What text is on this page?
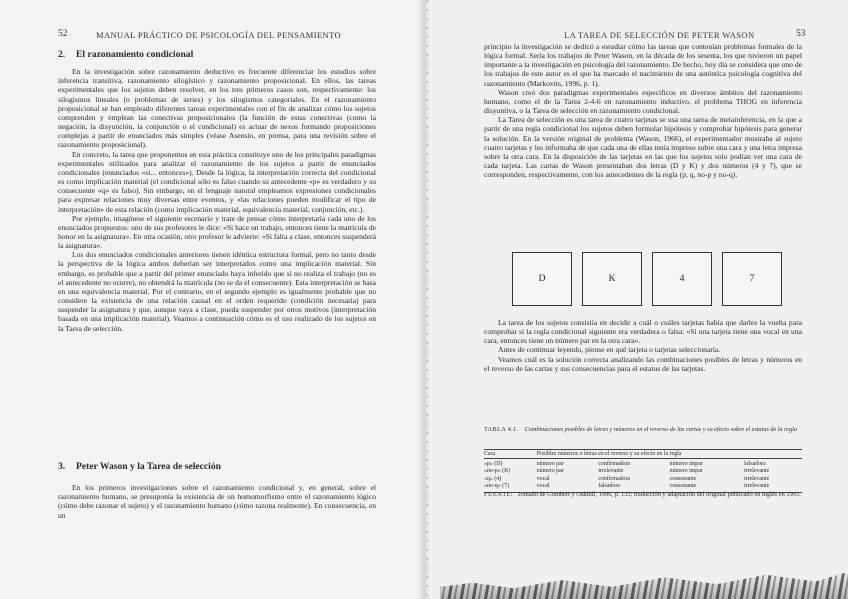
52	MANUAL PRÁCTICO DE PSICOLOGÍA DEL PENSAMIENTO
2. El razonamiento condicional

En la investigación sobre razonamiento deductivo es frecuente diferenciar los estudios sobre inferencia transitiva, razonamiento silogístico y razonamiento proposicional. En ellos, las tareas experimentales que los sujetos deben resolver, en los tres primeros casos son, respectivamente: los silogismos lineales (o problemas de series) y los silogismos categoriales. En el razonamiento proposicional se han empleado diferentes tareas experimentales con el fin de analizar cómo los sujetos comprenden y emplean las conectivas proposicionales (la función de estas conectivas (como la negación, la disyunción, la conjunción o el condicional) es actuar de nexos formando proposiciones complejas a partir de enunciados más simples (véase Asensio, en prensa, para una revisión sobre el razonamiento proposicional).

En concreto, la tarea que proponemos en esta práctica constituye uno de los principales paradigmas experimentales utilizados para analizar el razonamiento de los sujetos a partir de enunciados condicionales (enunciados «si... entonces»). Desde la lógica, la interpretación correcta del condicional es como implicación material (el condicional sólo es falso cuando su antecedente «p» es verdadero y su consecuente «q» es falso). Sin embargo, en el lenguaje natural empleamos expresiones condicionales para expresar relaciones muy diversas entre eventos, y «las relaciones pueden modificar el tipo de interpretación» de esta relación (como implicación material, equivalencia material, conjunción, etc.).

Por ejemplo, imagínese el siguiente escenario y trate de pensar cómo interpretaría cada uno de los enunciados propuestos: uno de sus profesores le dice: «Si hace un trabajo, entonces tiene la matrícula de honor en la asignatura». En otra ocasión, otro profesor le advierte: «Si falta a clase, entonces suspenderá la asignatura».

Los dos enunciados condicionales anteriores tienen idéntica estructura formal, pero no tanto desde la perspectiva de la lógica ambos deberían ser interpretados como una implicación material. Sin embargo, es probable que a partir del primer enunciado haya inferido que si no realiza el trabajo (no es el antecedente no ocurre), no obtendrá la matrícula (no se da el consecuente). Esta interpretación se basa en una equivalencia material. Por el contrario, en el segundo ejemplo es igualmente probable que no considere la existencia de una relación causal en el orden requerido (condición necesaria) para suspender la asignatura y que, aunque vaya a clase, pueda suspender por otros motivos (interpretación basada en una implicación material). Veamos a continuación cómo es el uso realizado de los sujetos en la Tarea de selección.

3. Peter Wason y la Tarea de selección

En los primeros investigaciones sobre el razonamiento condicional y, en general, sobre el razonamiento humano, se presuponía la existencia de un homomorfismo entre el razonamiento lógico (cómo debe razonar el sujeto) y el razonamiento humano (cómo razona realmente). En consecuencia, en un

LA TAREA DE SELECCIÓN DE PETER WASON	53

principio la investigación se dedicó a estudiar cómo las tareas que contenían problemas formales de la lógica formal. Sería los trabajos de Peter Wason, en la década de los sesenta, los que tuvieron un papel importante a la investigación en psicología del razonamiento. De hecho, hoy día se considera que uno de los trabajos de este autor es el que ha marcado el nacimiento de una auténtica psicología cognitiva del razonamiento (Markovits, 1996, p. 1).

Wason creó dos paradigmas experimentales específicos en diversos ámbitos del razonamiento humano, como el de la Tarea 2-4-6 en razonamiento inductivo, el problema THOG en inferencia disyuntiva, o la Tarea de selección en razonamiento condicional.

La Tarea de selección es una tarea de cuatro tarjetas se usa una tarea de metainferencia, en la que a partir de una regla condicional los sujetos deben formular hipótesis y comprobar hipótesis para generar la solución. En la versión original de problema (Wason, 1966), el experimentador mostraba al sujeto cuatro tarjetas y les informaba de que cada una de ellas tenía impreso sobre una cara y una letra impresa sobre la otra cara. En la disposición de las tarjetas en las que los sujetos solo podían ver una cara de cada tarjeta. Las cartas de Wason presentaban dos letras (D y K) y dos números (4 y 7), que se corresponden, respectivamente, con los antecedentes de la regla (p, q, no-p y no-q).

D	K	4	7

La tarea de los sujetos consistía en decidir a cuál o cuáles tarjetas había que darles la vuelta para comprobar si la regla condicional siguiente era verdadera o falsa: «Si una tarjeta tiene una vocal en una cara, entonces tiene un número par en la otra cara».

Antes de continuar leyendo, piense en qué tarjeta o tarjetas seleccionaría.

Veamos cuál es la solución correcta analizando las combinaciones posibles de letras y números en el reverso de las cartas y sus consecuencias para el estatus de las tarjetas.

TABLA 4.1. Combinaciones posibles de letras y números en el reverso de las cartas y su efecto sobre el estatus de la regla
Cara	Posibles números o letras en el reverso y su efecto en la regla			
«p» (D)	número par	confirmadora	número impar	falsadora
«no-p» (K)	número par	irrelevante	número impar	irrelevante
«q» (4)	vocal	confirmadora	consonante	irrelevante
«no-q» (7)	vocal	falsadora	consonante	irrelevante
FUENTE: Tomado de Gombert y Oakhill, 1996, p. 135; traducción y adaptación del original publicado en inglés en 1993.
